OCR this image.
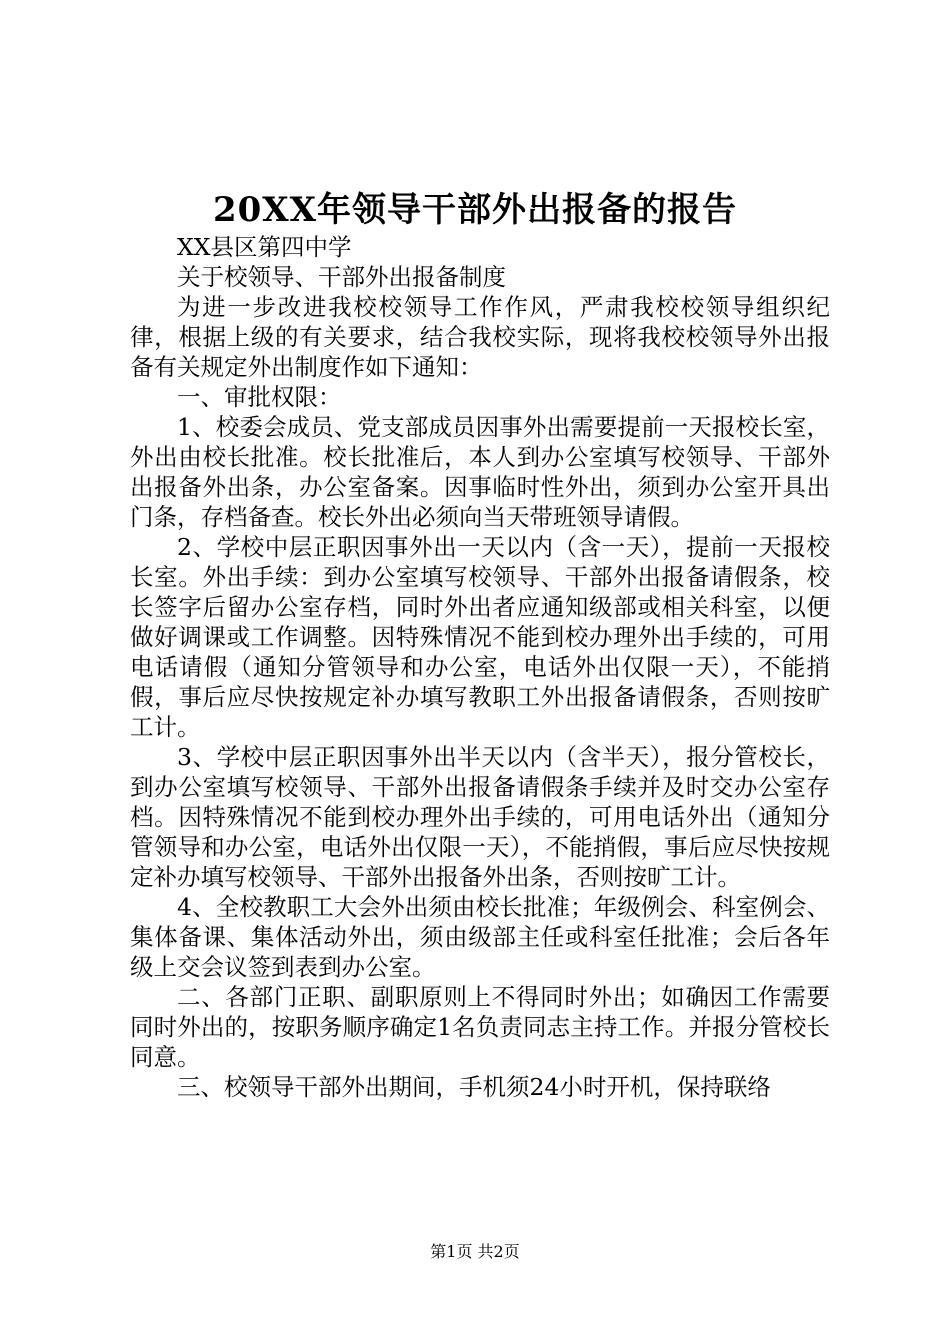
20XX年领导干部外出报备的报告

XX县区第四中学

关于校领导、干部外出报备制度

为进一步改进我校校领导工作作风，严肃我校校领导组织纪律，根据上级的有关要求，结合我校实际，现将我校校领导外出报备有关规定外出制度作如下通知：

一、审批权限：

1、校委会成员、党支部成员因事外出需要提前一天报校长室，外出由校长批准。校长批准后，本人到办公室填写校领导、干部外出报备外出条，办公室备案。因事临时性外出，须到办公室开具出门条，存档备查。校长外出必须向当天带班领导请假。

2、学校中层正职因事外出一天以内（含一天），提前一天报校长室。外出手续：到办公室填写校领导、干部外出报备请假条，校长签字后留办公室存档，同时外出者应通知级部或相关科室，以便做好调课或工作调整。因特殊情况不能到校办理外出手续的，可用电话请假（通知分管领导和办公室，电话外出仅限一天），不能捎假，事后应尽快按规定补办填写教职工外出报备请假条，否则按旷工计。

3、学校中层正职因事外出半天以内（含半天），报分管校长，到办公室填写校领导、干部外出报备请假条手续并及时交办公室存档。因特殊情况不能到校办理外出手续的，可用电话外出（通知分管领导和办公室，电话外出仅限一天），不能捎假，事后应尽快按规定补办填写校领导、干部外出报备外出条，否则按旷工计。

4、全校教职工大会外出须由校长批准；年级例会、科室例会、集体备课、集体活动外出，须由级部主任或科室任批准；会后各年级上交会议签到表到办公室。

二、各部门正职、副职原则上不得同时外出；如确因工作需要同时外出的，按职务顺序确定1名负责同志主持工作。并报分管校长同意。

三、校领导干部外出期间，手机须24小时开机，保持联络

第1页 共2页
